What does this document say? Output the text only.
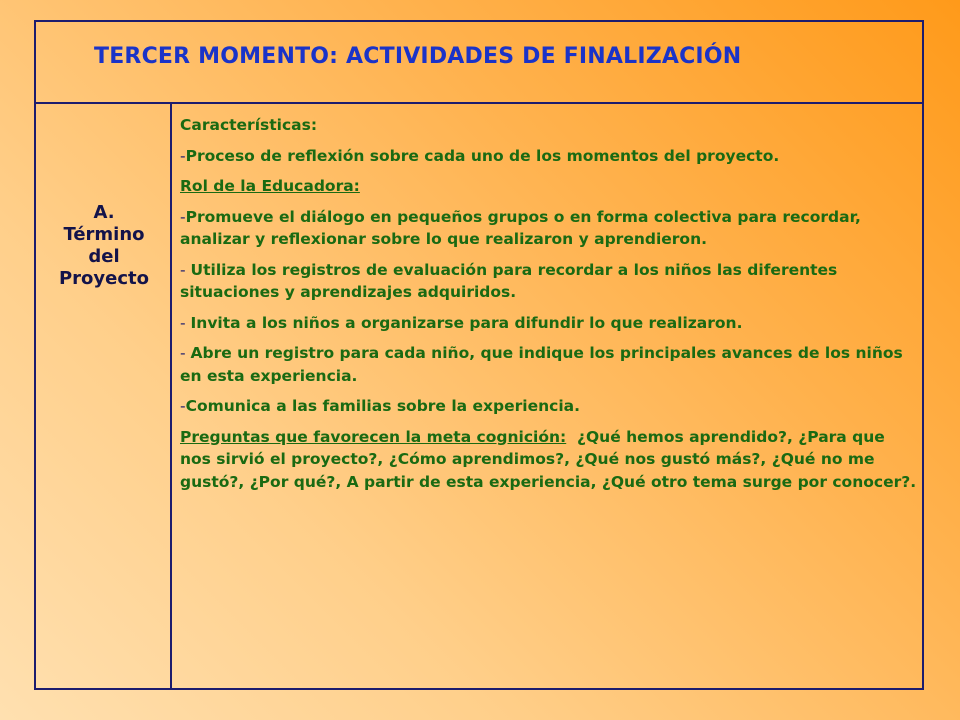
TERCER MOMENTO: ACTIVIDADES DE FINALIZACIÓN
A.
Término
del
Proyecto

Características:

-Proceso de reflexión sobre cada uno de los momentos del proyecto.

Rol de la Educadora:

-Promueve el diálogo en pequeños grupos o en forma colectiva para recordar, analizar y reflexionar sobre lo que realizaron y aprendieron.

- Utiliza los registros de evaluación para recordar a los niños las diferentes situaciones y aprendizajes adquiridos.

- Invita a los niños a organizarse para difundir lo que realizaron.

- Abre un registro para cada niño, que indique los principales avances de los niños en esta experiencia.

-Comunica a las familias sobre la experiencia.

Preguntas que favorecen la meta cognición: ¿Qué hemos aprendido?, ¿Para que nos sirvió el proyecto?, ¿Cómo aprendimos?, ¿Qué nos gustó más?, ¿Qué no me gustó?, ¿Por qué?, A partir de esta experiencia, ¿Qué otro tema surge por conocer?.
